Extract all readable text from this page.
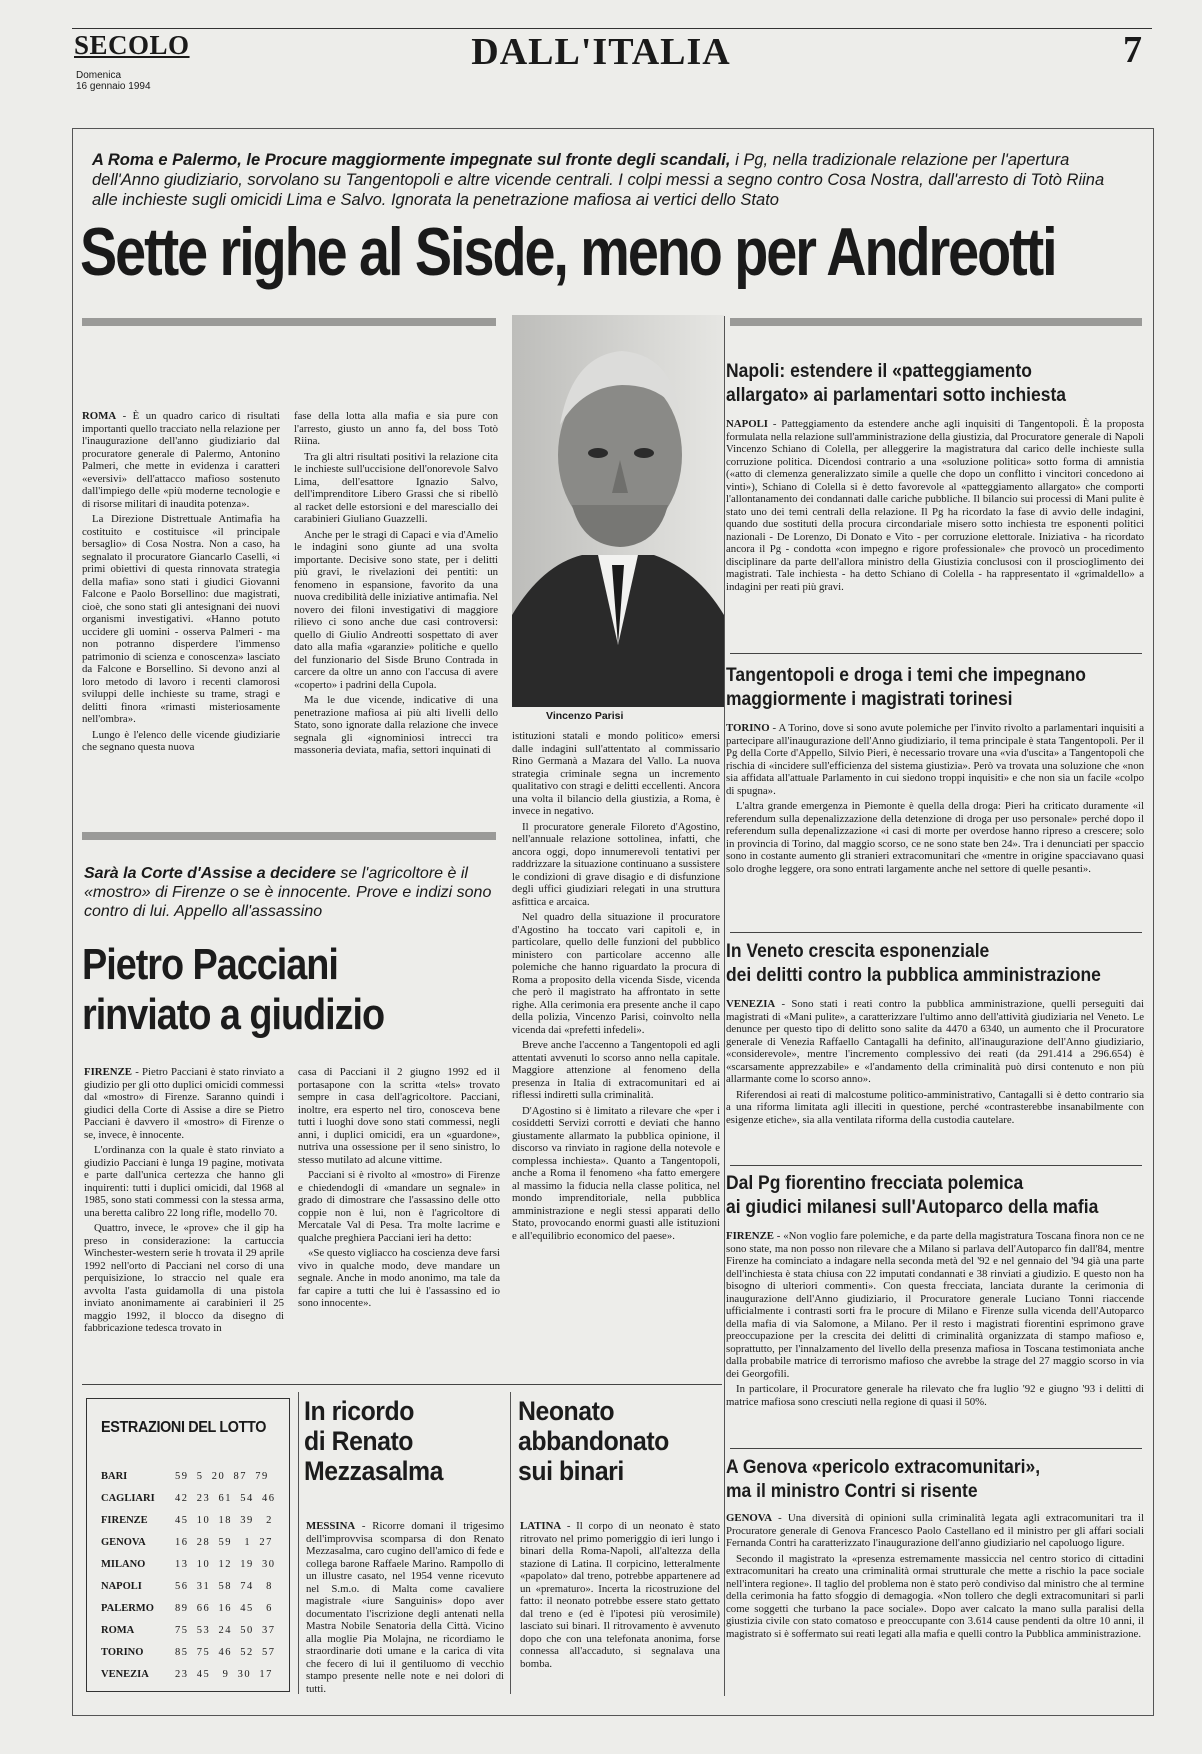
SECOLO
Domenica
16 gennaio 1994
DALL'ITALIA	7
A Roma e Palermo, le Procure maggiormente impegnate sul fronte degli scandali, i Pg, nella tradizionale relazione per l'apertura dell'Anno giudiziario, sorvolano su Tangentopoli e altre vicende centrali. I colpi messi a segno contro Cosa Nostra, dall'arresto di Totò Riina alle inchieste sugli omicidi Lima e Salvo. Ignorata la penetrazione mafiosa ai vertici dello Stato
Sette righe al Sisde, meno per Andreotti

ROMA - È un quadro carico di risultati importanti quello tracciato nella relazione per l'inaugurazione dell'anno giudiziario dal procuratore generale di Palermo, Antonino Palmeri, che mette in evidenza i caratteri «eversivi» dell'attacco mafioso sostenuto dall'impiego delle «più moderne tecnologie e di risorse militari di inaudita potenza».

La Direzione Distrettuale Antimafia ha costituito e costituisce «il principale bersaglio» di Cosa Nostra. Non a caso, ha segnalato il procuratore Giancarlo Caselli, «i primi obiettivi di questa rinnovata strategia della mafia» sono stati i giudici Giovanni Falcone e Paolo Borsellino: due magistrati, cioè, che sono stati gli antesignani dei nuovi organismi investigativi. «Hanno potuto uccidere gli uomini - osserva Palmeri - ma non potranno disperdere l'immenso patrimonio di scienza e conoscenza» lasciato da Falcone e Borsellino. Si devono anzi al loro metodo di lavoro i recenti clamorosi sviluppi delle inchieste su trame, stragi e delitti finora «rimasti misteriosamente nell'ombra».

Lungo è l'elenco delle vicende giudiziarie che segnano questa nuova

fase della lotta alla mafia e sia pure con l'arresto, giusto un anno fa, del boss Totò Riina.

Tra gli altri risultati positivi la relazione cita le inchieste sull'uccisione dell'onorevole Salvo Lima, dell'esattore Ignazio Salvo, dell'imprenditore Libero Grassi che si ribellò al racket delle estorsioni e del maresciallo dei carabinieri Giuliano Guazzelli.

Anche per le stragi di Capaci e via d'Amelio le indagini sono giunte ad una svolta importante. Decisive sono state, per i delitti più gravi, le rivelazioni dei pentiti: un fenomeno in espansione, favorito da una nuova credibilità delle iniziative antimafia. Nel novero dei filoni investigativi di maggiore rilievo ci sono anche due casi controversi: quello di Giulio Andreotti sospettato di aver dato alla mafia «garanzie» politiche e quello del funzionario del Sisde Bruno Contrada in carcere da oltre un anno con l'accusa di avere «coperto» i padrini della Cupola.

Ma le due vicende, indicative di una penetrazione mafiosa ai più alti livelli dello Stato, sono ignorate dalla relazione che invece segnala gli «ignominiosi intrecci tra massoneria deviata, mafia, settori inquinati di

Vincenzo Parisi

istituzioni statali e mondo politico» emersi dalle indagini sull'attentato al commissario Rino Germanà a Mazara del Vallo. La nuova strategia criminale segna un incremento qualitativo con stragi e delitti eccellenti. Ancora una volta il bilancio della giustizia, a Roma, è invece in negativo.

Il procuratore generale Filoreto d'Agostino, nell'annuale relazione sottolinea, infatti, che ancora oggi, dopo innumerevoli tentativi per raddrizzare la situazione continuano a sussistere le condizioni di grave disagio e di disfunzione degli uffici giudiziari relegati in una struttura asfittica e arcaica.

Nel quadro della situazione il procuratore d'Agostino ha toccato vari capitoli e, in particolare, quello delle funzioni del pubblico ministero con particolare accenno alle polemiche che hanno riguardato la procura di Roma a proposito della vicenda Sisde, vicenda che però il magistrato ha affrontato in sette righe. Alla cerimonia era presente anche il capo della polizia, Vincenzo Parisi, coinvolto nella vicenda dai «prefetti infedeli».

Breve anche l'accenno a Tangentopoli ed agli attentati avvenuti lo scorso anno nella capitale. Maggiore attenzione al fenomeno della presenza in Italia di extracomunitari ed ai riflessi indiretti sulla criminalità.

D'Agostino si è limitato a rilevare che «per i cosiddetti Servizi corrotti e deviati che hanno giustamente allarmato la pubblica opinione, il discorso va rinviato in ragione della notevole e complessa inchiesta». Quanto a Tangentopoli, anche a Roma il fenomeno «ha fatto emergere al massimo la fiducia nella classe politica, nel mondo imprenditoriale, nella pubblica amministrazione e negli stessi apparati dello Stato, provocando enormi guasti alle istituzioni e all'equilibrio economico del paese».

Sarà la Corte d'Assise a decidere se l'agricoltore è il «mostro» di Firenze o se è innocente. Prove e indizi sono contro di lui. Appello all'assassino
Pietro Pacciani
rinviato a giudizio

FIRENZE - Pietro Pacciani è stato rinviato a giudizio per gli otto duplici omicidi commessi dal «mostro» di Firenze. Saranno quindi i giudici della Corte di Assise a dire se Pietro Pacciani è davvero il «mostro» di Firenze o se, invece, è innocente.

L'ordinanza con la quale è stato rinviato a giudizio Pacciani è lunga 19 pagine, motivata e parte dall'unica certezza che hanno gli inquirenti: tutti i duplici omicidi, dal 1968 al 1985, sono stati commessi con la stessa arma, una beretta calibro 22 long rifle, modello 70.

Quattro, invece, le «prove» che il gip ha preso in considerazione: la cartuccia Winchester-western serie h trovata il 29 aprile 1992 nell'orto di Pacciani nel corso di una perquisizione, lo straccio nel quale era avvolta l'asta guidamolla di una pistola inviato anonimamente ai carabinieri il 25 maggio 1992, il blocco da disegno di fabbricazione tedesca trovato in

casa di Pacciani il 2 giugno 1992 ed il portasapone con la scritta «tels» trovato sempre in casa dell'agricoltore. Pacciani, inoltre, era esperto nel tiro, conosceva bene tutti i luoghi dove sono stati commessi, negli anni, i duplici omicidi, era un «guardone», nutriva una ossessione per il seno sinistro, lo stesso mutilato ad alcune vittime.

Pacciani si è rivolto al «mostro» di Firenze e chiedendogli di «mandare un segnale» in grado di dimostrare che l'assassino delle otto coppie non è lui, non è l'agricoltore di Mercatale Val di Pesa. Tra molte lacrime e qualche preghiera Pacciani ieri ha detto:

«Se questo vigliacco ha coscienza deve farsi vivo in qualche modo, deve mandare un segnale. Anche in modo anonimo, ma tale da far capire a tutti che lui è l'assassino ed io sono innocente».

Napoli: estendere il «patteggiamento
allargato» ai parlamentari sotto inchiesta

NAPOLI - Patteggiamento da estendere anche agli inquisiti di Tangentopoli. È la proposta formulata nella relazione sull'amministrazione della giustizia, dal Procuratore generale di Napoli Vincenzo Schiano di Colella, per alleggerire la magistratura dal carico delle inchieste sulla corruzione politica. Dicendosi contrario a una «soluzione politica» sotto forma di amnistia («atto di clemenza generalizzato simile a quelle che dopo un conflitto i vincitori concedono ai vinti»), Schiano di Colella si è detto favorevole al «patteggiamento allargato» che comporti l'allontanamento dei condannati dalle cariche pubbliche. Il bilancio sui processi di Mani pulite è stato uno dei temi centrali della relazione. Il Pg ha ricordato la fase di avvio delle indagini, quando due sostituti della procura circondariale misero sotto inchiesta tre esponenti politici nazionali - De Lorenzo, Di Donato e Vito - per corruzione elettorale. Iniziativa - ha ricordato ancora il Pg - condotta «con impegno e rigore professionale» che provocò un procedimento disciplinare da parte dell'allora ministro della Giustizia conclusosi con il proscioglimento dei magistrati. Tale inchiesta - ha detto Schiano di Colella - ha rappresentato il «grimaldello» a indagini per reati più gravi.

Tangentopoli e droga i temi che impegnano
maggiormente i magistrati torinesi

TORINO - A Torino, dove si sono avute polemiche per l'invito rivolto a parlamentari inquisiti a partecipare all'inaugurazione dell'Anno giudiziario, il tema principale è stata Tangentopoli. Per il Pg della Corte d'Appello, Silvio Pieri, è necessario trovare una «via d'uscita» a Tangentopoli che rischia di «incidere sull'efficienza del sistema giustizia». Però va trovata una soluzione che «non sia affidata all'attuale Parlamento in cui siedono troppi inquisiti» e che non sia un facile «colpo di spugna».

L'altra grande emergenza in Piemonte è quella della droga: Pieri ha criticato duramente «il referendum sulla depenalizzazione della detenzione di droga per uso personale» perché dopo il referendum sulla depenalizzazione «i casi di morte per overdose hanno ripreso a crescere; solo in provincia di Torino, dal maggio scorso, ce ne sono state ben 24». Tra i denunciati per spaccio sono in costante aumento gli stranieri extracomunitari che «mentre in origine spacciavano quasi solo droghe leggere, ora sono entrati largamente anche nel settore di quelle pesanti».

In Veneto crescita esponenziale
dei delitti contro la pubblica amministrazione

VENEZIA - Sono stati i reati contro la pubblica amministrazione, quelli perseguiti dai magistrati di «Mani pulite», a caratterizzare l'ultimo anno dell'attività giudiziaria nel Veneto. Le denunce per questo tipo di delitto sono salite da 4470 a 6340, un aumento che il Procuratore generale di Venezia Raffaello Cantagalli ha definito, all'inaugurazione dell'Anno giudiziario, «considerevole», mentre l'incremento complessivo dei reati (da 291.414 a 296.654) è «scarsamente apprezzabile» e «l'andamento della criminalità può dirsi contenuto e non più allarmante come lo scorso anno».

Riferendosi ai reati di malcostume politico-amministrativo, Cantagalli si è detto contrario sia a una riforma limitata agli illeciti in questione, perché «contrasterebbe insanabilmente con esigenze etiche», sia alla ventilata riforma della custodia cautelare.

Dal Pg fiorentino frecciata polemica
ai giudici milanesi sull'Autoparco della mafia

FIRENZE - «Non voglio fare polemiche, e da parte della magistratura Toscana finora non ce ne sono state, ma non posso non rilevare che a Milano si parlava dell'Autoparco fin dall'84, mentre Firenze ha cominciato a indagare nella seconda metà del '92 e nel gennaio del '94 già una parte dell'inchiesta è stata chiusa con 22 imputati condannati e 38 rinviati a giudizio. E questo non ha bisogno di ulteriori commenti». Con questa frecciata, lanciata durante la cerimonia di inaugurazione dell'Anno giudiziario, il Procuratore generale Luciano Tonni riaccende ufficialmente i contrasti sorti fra le procure di Milano e Firenze sulla vicenda dell'Autoparco della mafia di via Salomone, a Milano. Per il resto i magistrati fiorentini esprimono grave preoccupazione per la crescita dei delitti di criminalità organizzata di stampo mafioso e, soprattutto, per l'innalzamento del livello della presenza mafiosa in Toscana testimoniata anche dalla probabile matrice di terrorismo mafioso che avrebbe la strage del 27 maggio scorso in via dei Georgofili.

In particolare, il Procuratore generale ha rilevato che fra luglio '92 e giugno '93 i delitti di matrice mafiosa sono cresciuti nella regione di quasi il 50%.

A Genova «pericolo extracomunitari»,
ma il ministro Contri si risente

GENOVA - Una diversità di opinioni sulla criminalità legata agli extracomunitari tra il Procuratore generale di Genova Francesco Paolo Castellano ed il ministro per gli affari sociali Fernanda Contri ha caratterizzato l'inaugurazione dell'anno giudiziario nel capoluogo ligure.

Secondo il magistrato la «presenza estremamente massiccia nel centro storico di cittadini extracomunitari ha creato una criminalità ormai strutturale che mette a rischio la pace sociale nell'intera regione». Il taglio del problema non è stato però condiviso dal ministro che al termine della cerimonia ha fatto sfoggio di demagogia. «Non tollero che degli extracomunitari si parli come soggetti che turbano la pace sociale». Dopo aver calcato la mano sulla paralisi della giustizia civile con stato comatoso e preoccupante con 3.614 cause pendenti da oltre 10 anni, il magistrato si è soffermato sui reati legati alla mafia e quelli contro la Pubblica amministrazione.

ESTRAZIONI DEL LOTTO
BARI	59  5  20  87  79
CAGLIARI 42  23  61  54  46
FIRENZE	45  10  18  39   2
GENOVA	16  28  59   1  27
MILANO	13  10  12  19  30
NAPOLI	56  31  58  74   8
PALERMO 89  66  16  45   6
ROMA	75  53  24  50  37
TORINO	85  75  46  52  57
VENEZIA 23  45   9  30  17
In ricordo
di Renato
Mezzasalma

MESSINA - Ricorre domani il trigesimo dell'improvvisa scomparsa di don Renato Mezzasalma, caro cugino dell'amico di fede e collega barone Raffaele Marino. Rampollo di un illustre casato, nel 1954 venne ricevuto nel S.m.o. di Malta come cavaliere magistrale «iure Sanguinis» dopo aver documentato l'iscrizione degli antenati nella Mastra Nobile Senatoria della Città. Vicino alla moglie Pia Molajna, ne ricordiamo le straordinarie doti umane e la carica di vita che fecero di lui il gentiluomo di vecchio stampo presente nelle note e nei dolori di tutti.

Neonato
abbandonato
sui binari

LATINA - Il corpo di un neonato è stato ritrovato nel primo pomeriggio di ieri lungo i binari della Roma-Napoli, all'altezza della stazione di Latina. Il corpicino, letteralmente «papolato» dal treno, potrebbe appartenere ad un «prematuro». Incerta la ricostruzione del fatto: il neonato potrebbe essere stato gettato dal treno e (ed è l'ipotesi più verosimile) lasciato sui binari. Il ritrovamento è avvenuto dopo che con una telefonata anonima, forse connessa all'accaduto, si segnalava una bomba.
